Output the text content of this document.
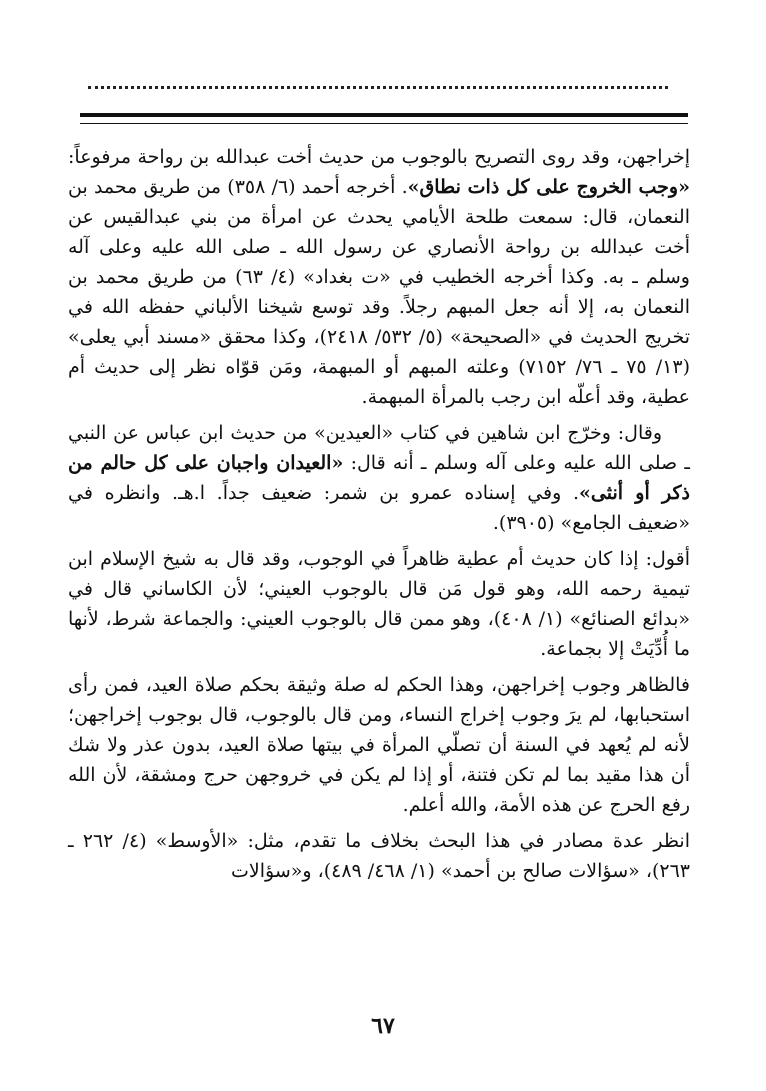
إخراجهن، وقد روى التصريح بالوجوب من حديث أخت عبدالله بن رواحة مرفوعاً: «وجب الخروج على كل ذات نطاق». أخرجه أحمد (٦/ ٣٥٨) من طريق محمد بن النعمان، قال: سمعت طلحة الأيامي يحدث عن امرأة من بني عبدالقيس عن أخت عبدالله بن رواحة الأنصاري عن رسول الله ـ صلى الله عليه وعلى آله وسلم ـ به. وكذا أخرجه الخطيب في «ت بغداد» (٤/ ٦٣) من طريق محمد بن النعمان به، إلا أنه جعل المبهم رجلاً. وقد توسع شيخنا الألباني حفظه الله في تخريج الحديث في «الصحيحة» (٥/ ٥٣٢/ ٢٤١٨)، وكذا محقق «مسند أبي يعلى» (١٣/ ٧٥ ـ ٧٦/ ٧١٥٢) وعلته المبهم أو المبهمة، ومَن قوّاه نظر إلى حديث أم عطية، وقد أعلّه ابن رجب بالمرأة المبهمة.

وقال: وخرّج ابن شاهين في كتاب «العيدين» من حديث ابن عباس عن النبي ـ صلى الله عليه وعلى آله وسلم ـ أنه قال: «العيدان واجبان على كل حالم من ذكر أو أنثى». وفي إسناده عمرو بن شمر: ضعيف جداً. ا.هـ. وانظره في «ضعيف الجامع» (٣٩٠٥).

أقول: إذا كان حديث أم عطية ظاهراً في الوجوب، وقد قال به شيخ الإسلام ابن تيمية رحمه الله، وهو قول مَن قال بالوجوب العيني؛ لأن الكاساني قال في «بدائع الصنائع» (١/ ٤٠٨)، وهو ممن قال بالوجوب العيني: والجماعة شرط، لأنها ما أُدِّيَتْ إلا بجماعة.

فالظاهر وجوب إخراجهن، وهذا الحكم له صلة وثيقة بحكم صلاة العيد، فمن رأى استحبابها، لم يرَ وجوب إخراج النساء، ومن قال بالوجوب، قال بوجوب إخراجهن؛ لأنه لم يُعهد في السنة أن تصلّي المرأة في بيتها صلاة العيد، بدون عذر ولا شك أن هذا مقيد بما لم تكن فتنة، أو إذا لم يكن في خروجهن حرج ومشقة، لأن الله رفع الحرج عن هذه الأمة، والله أعلم.

انظر عدة مصادر في هذا البحث بخلاف ما تقدم، مثل: «الأوسط» (٤/ ٢٦٢ ـ ٢٦٣)، «سؤالات صالح بن أحمد» (١/ ٤٦٨/ ٤٨٩)، و«سؤالات

٦٧
